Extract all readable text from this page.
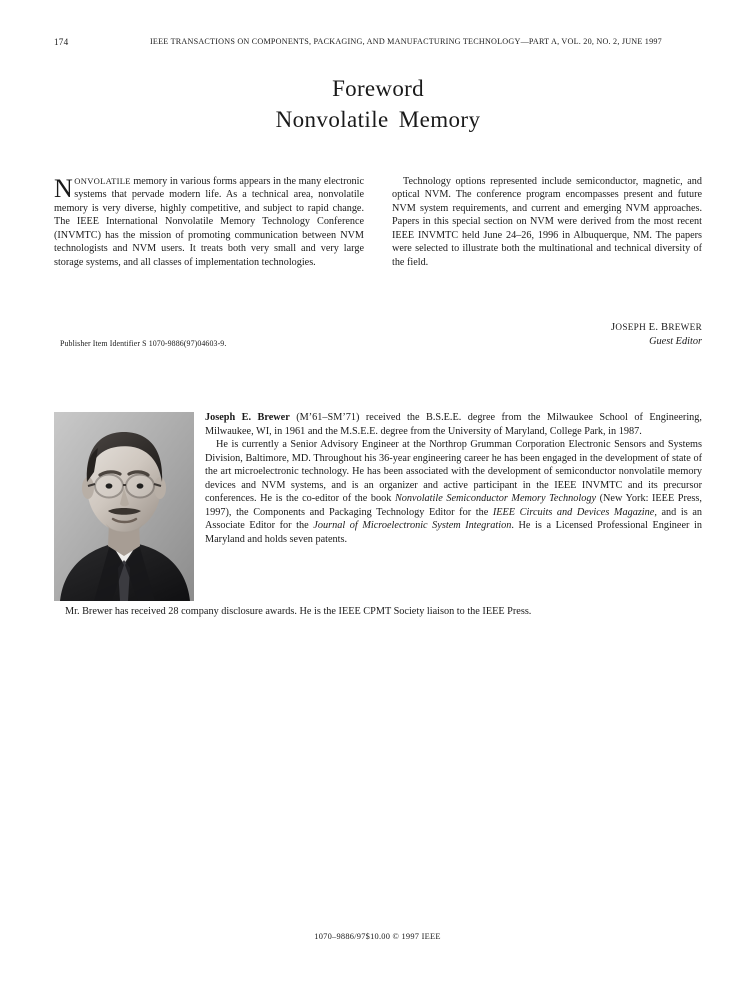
174	IEEE TRANSACTIONS ON COMPONENTS, PACKAGING, AND MANUFACTURING TECHNOLOGY—PART A, VOL. 20, NO. 2, JUNE 1997
Foreword
Nonvolatile Memory

NONVOLATILE memory in various forms appears in the many electronic systems that pervade modern life. As a technical area, nonvolatile memory is very diverse, highly competitive, and subject to rapid change. The IEEE International Nonvolatile Memory Technology Conference (INVMTC) has the mission of promoting communication between NVM technologists and NVM users. It treats both very small and very large storage systems, and all classes of implementation technologies.

Technology options represented include semiconductor, magnetic, and optical NVM. The conference program encompasses present and future NVM system requirements, and current and emerging NVM approaches. Papers in this special section on NVM were derived from the most recent IEEE INVMTC held June 24–26, 1996 in Albuquerque, NM. The papers were selected to illustrate both the multinational and technical diversity of the field.

Publisher Item Identifier S 1070-9886(97)04603-9.
JOSEPH E. BREWER
Guest Editor

Joseph E. Brewer (M’61–SM’71) received the B.S.E.E. degree from the Milwaukee School of Engineering, Milwaukee, WI, in 1961 and the M.S.E.E. degree from the University of Maryland, College Park, in 1987.

He is currently a Senior Advisory Engineer at the Northrop Grumman Corporation Electronic Sensors and Systems Division, Baltimore, MD. Throughout his 36-year engineering career he has been engaged in the development of state of the art microelectronic technology. He has been associated with the development of semiconductor nonvolatile memory devices and NVM systems, and is an organizer and active participant in the IEEE INVMTC and its precursor conferences. He is the co-editor of the book Nonvolatile Semiconductor Memory Technology (New York: IEEE Press, 1997), the Components and Packaging Technology Editor for the IEEE Circuits and Devices Magazine, and is an Associate Editor for the Journal of Microelectronic System Integration. He is a Licensed Professional Engineer in Maryland and holds seven patents.

Mr. Brewer has received 28 company disclosure awards. He is the IEEE CPMT Society liaison to the IEEE Press.
1070–9886/97$10.00 © 1997 IEEE
